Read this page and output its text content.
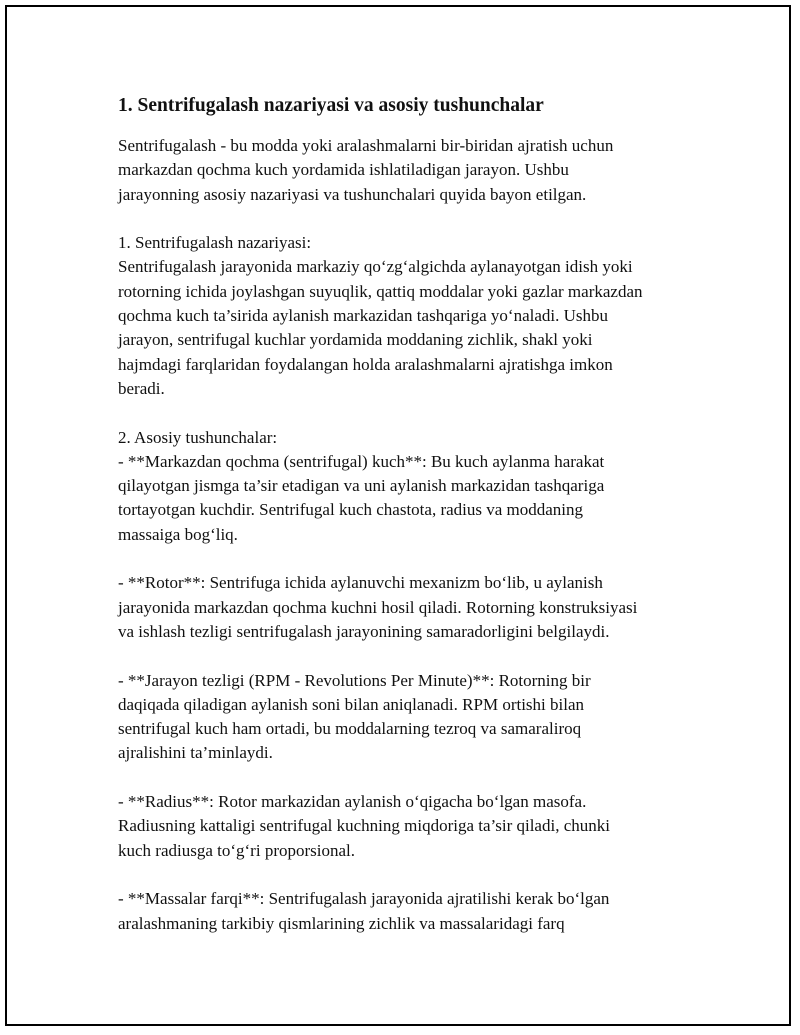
1. Sentrifugalash nazariyasi va asosiy tushunchalar
Sentrifugalash - bu modda yoki aralashmalarni bir-biridan ajratish uchun
markazdan qochma kuch yordamida ishlatiladigan jarayon. Ushbu
jarayonning asosiy nazariyasi va tushunchalari quyida bayon etilgan.
1. Sentrifugalash nazariyasi:
Sentrifugalash jarayonida markaziy qo‘zg‘algichda aylanayotgan idish yoki
rotorning ichida joylashgan suyuqlik, qattiq moddalar yoki gazlar markazdan
qochma kuch ta’sirida aylanish markazidan tashqariga yo‘naladi. Ushbu
jarayon, sentrifugal kuchlar yordamida moddaning zichlik, shakl yoki
hajmdagi farqlaridan foydalangan holda aralashmalarni ajratishga imkon
beradi.
2. Asosiy tushunchalar:
- **Markazdan qochma (sentrifugal) kuch**: Bu kuch aylanma harakat
qilayotgan jismga ta’sir etadigan va uni aylanish markazidan tashqariga
tortayotgan kuchdir. Sentrifugal kuch chastota, radius va moddaning
massaiga bog‘liq.
- **Rotor**: Sentrifuga ichida aylanuvchi mexanizm bo‘lib, u aylanish
jarayonida markazdan qochma kuchni hosil qiladi. Rotorning konstruksiyasi
va ishlash tezligi sentrifugalash jarayonining samaradorligini belgilaydi.
- **Jarayon tezligi (RPM - Revolutions Per Minute)**: Rotorning bir
daqiqada qiladigan aylanish soni bilan aniqlanadi. RPM ortishi bilan
sentrifugal kuch ham ortadi, bu moddalarning tezroq va samaraliroq
ajralishini ta’minlaydi.
- **Radius**: Rotor markazidan aylanish o‘qigacha bo‘lgan masofa.
Radiusning kattaligi sentrifugal kuchning miqdoriga ta’sir qiladi, chunki
kuch radiusga to‘g‘ri proporsional.
- **Massalar farqi**: Sentrifugalash jarayonida ajratilishi kerak bo‘lgan
aralashmaning tarkibiy qismlarining zichlik va massalaridagi farq
